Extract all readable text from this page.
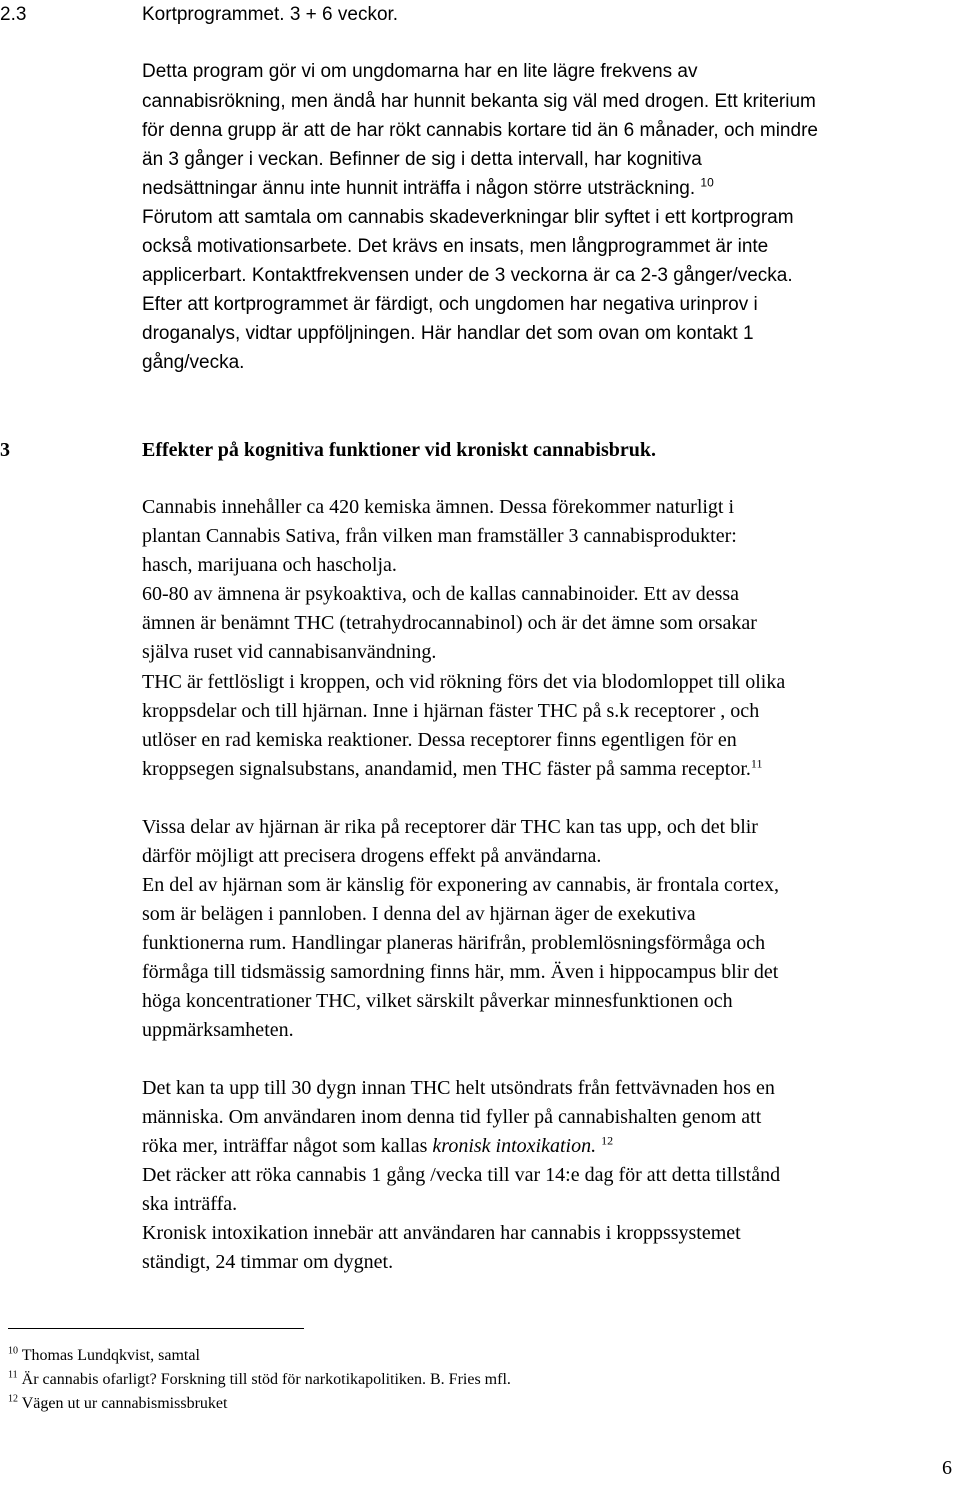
2.3	Kortprogrammet. 3 + 6 veckor.
Detta program gör vi om ungdomarna har en lite lägre frekvens av
cannabisrökning, men ändå har hunnit bekanta sig väl med drogen. Ett kriterium
för denna grupp är att de har rökt cannabis kortare tid än 6 månader, och mindre
än 3 gånger i veckan. Befinner de sig i detta intervall, har kognitiva
nedsättningar ännu inte hunnit inträffa i någon större utsträckning. $^{10}$
Förutom att samtala om cannabis skadeverkningar blir syftet i ett kortprogram
också motivationsarbete. Det krävs en insats, men långprogrammet är inte
applicerbart. Kontaktfrekvensen under de 3 veckorna är ca 2-3 gånger/vecka.
Efter att kortprogrammet är färdigt, och ungdomen har negativa urinprov i
droganalys, vidtar uppföljningen. Här handlar det som ovan om kontakt 1
gång/vecka.
3	Effekter på kognitiva funktioner vid kroniskt cannabisbruk.
Cannabis innehåller ca 420 kemiska ämnen. Dessa förekommer naturligt i
plantan Cannabis Sativa, från vilken man framställer 3 cannabisprodukter:
hasch, marijuana och hascholja.
60-80 av ämnena är psykoaktiva, och de kallas cannabinoider. Ett av dessa
ämnen är benämnt THC (tetrahydrocannabinol) och är det ämne som orsakar
själva ruset vid cannabisanvändning.
THC är fettlösligt i kroppen, och vid rökning förs det via blodomloppet till olika
kroppsdelar och till hjärnan. Inne i hjärnan fäster THC på s.k receptorer , och
utlöser en rad kemiska reaktioner. Dessa receptorer finns egentligen för en
kroppsegen signalsubstans, anandamid, men THC fäster på samma receptor.$^{11}$
Vissa delar av hjärnan är rika på receptorer där THC kan tas upp, och det blir
därför möjligt att precisera drogens effekt på användarna.
En del av hjärnan som är känslig för exponering av cannabis, är frontala cortex,
som är belägen i pannloben. I denna del av hjärnan äger de exekutiva
funktionerna rum. Handlingar planeras härifrån, problemlösningsförmåga och
förmåga till tidsmässig samordning finns här, mm. Även i hippocampus blir det
höga koncentrationer THC, vilket särskilt påverkar minnesfunktionen och
uppmärksamheten.
Det kan ta upp till 30 dygn innan THC helt utsöndrats från fettvävnaden hos en
människa. Om användaren inom denna tid fyller på cannabishalten genom att
röka mer, inträffar något som kallas kronisk intoxikation. $^{12}$
Det räcker att röka cannabis 1 gång /vecka till var 14:e dag för att detta tillstånd
ska inträffa.
Kronisk intoxikation innebär att användaren har cannabis i kroppssystemet
ständigt, 24 timmar om dygnet.
$^{10}$ Thomas Lundqkvist, samtal
$^{11}$ Är cannabis ofarligt? Forskning till stöd för narkotikapolitiken. B. Fries mfl.
$^{12}$ Vägen ut ur cannabismissbruket
6
